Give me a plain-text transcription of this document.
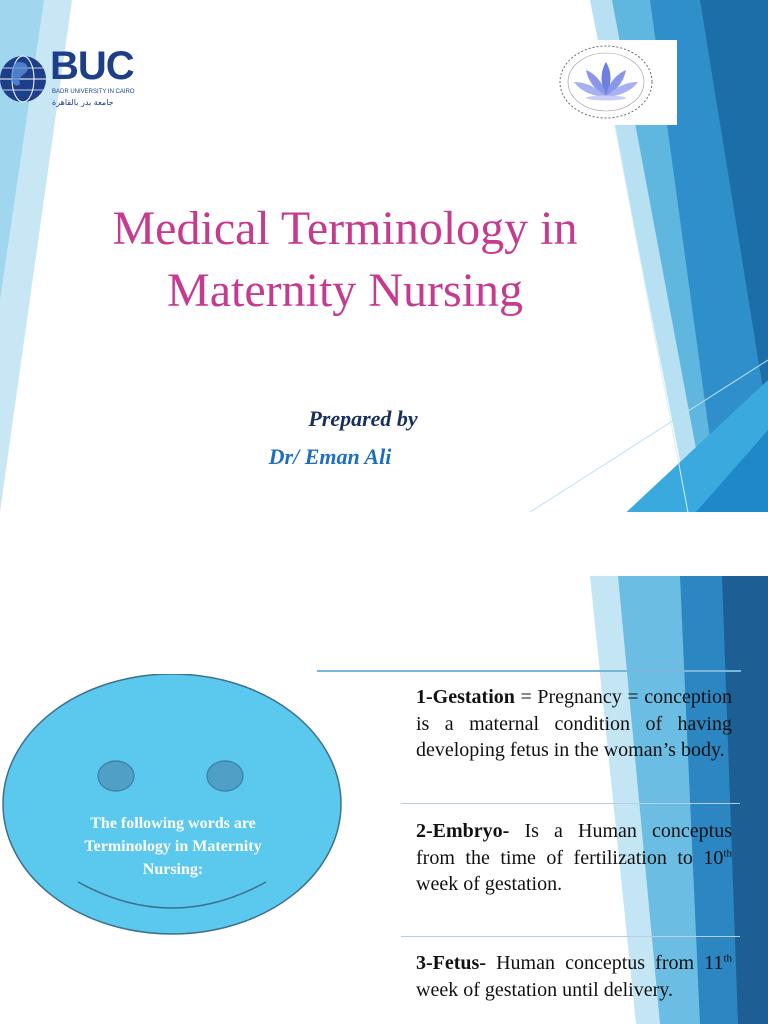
BUC
BADR UNIVERSITY IN CAIRO
جامعة بدر بالقاهرة
Medical Terminology in
Maternity Nursing
Prepared by
Dr/ Eman Ali
The following words are Terminology in Maternity Nursing:
1-Gestation = Pregnancy = conception is a maternal condition of having developing fetus in the woman’s body.
2-Embryo- Is a Human conceptus from the time of fertilization to 10th week of gestation.
3-Fetus- Human conceptus from 11th week of gestation until delivery.
